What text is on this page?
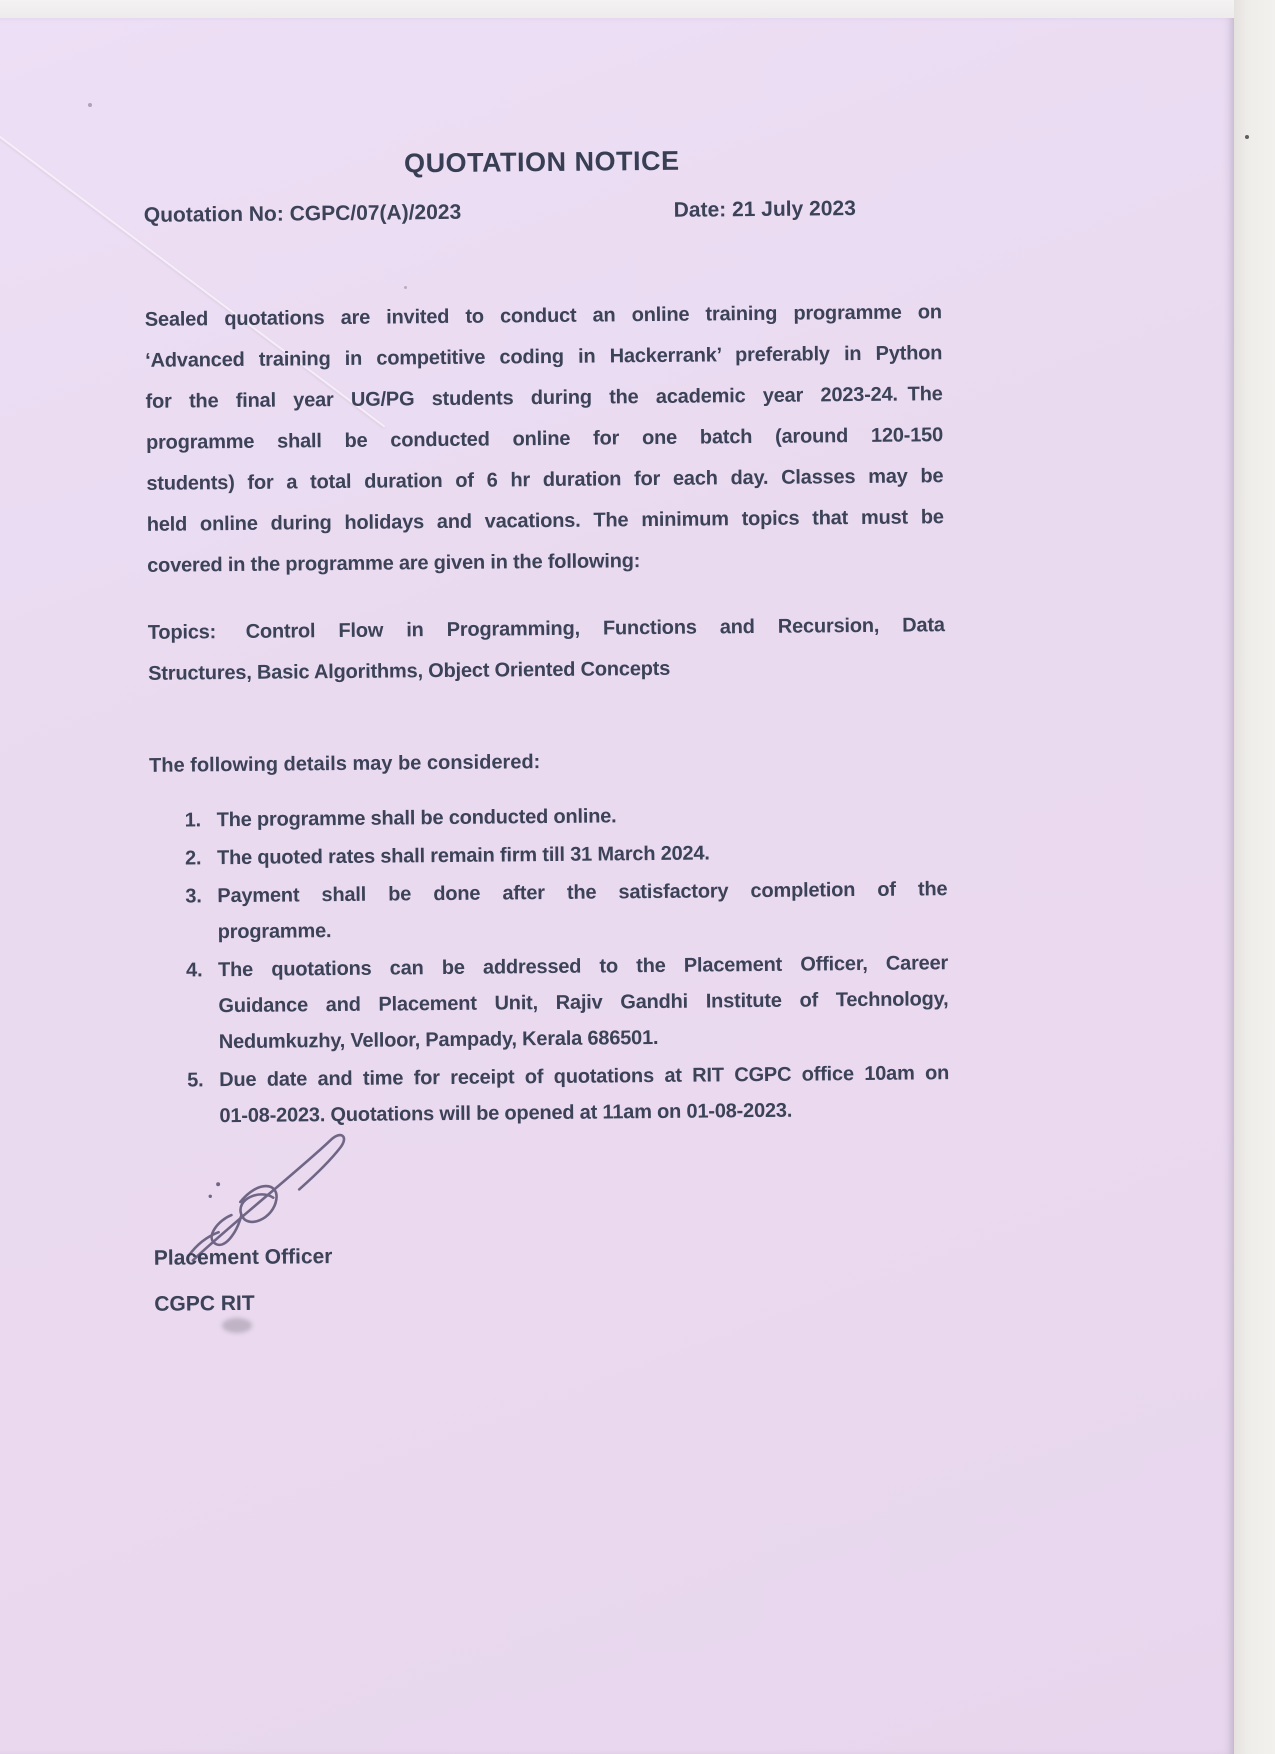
QUOTATION NOTICE
Quotation No: CGPC/07(A)/2023	Date: 21 July 2023
Sealed quotations are invited to conduct an online training programme on
‘Advanced training in competitive coding in Hackerrank’ preferably in Python
for the final year UG/PG students during the academic year 2023-24. The
programme shall be conducted online for one batch (around 120-150
students) for a total duration of 6 hr duration for each day. Classes may be
held online during holidays and vacations. The minimum topics that must be
covered in the programme are given in the following:
Topics:  Control Flow in Programming, Functions and Recursion, Data
Structures, Basic Algorithms, Object Oriented Concepts
The following details may be considered:
1. The programme shall be conducted online.
2. The quoted rates shall remain firm till 31 March 2024.
3. Payment shall be done after the satisfactory completion of the
programme.
4. The quotations can be addressed to the Placement Officer, Career
Guidance and Placement Unit, Rajiv Gandhi Institute of Technology,
Nedumkuzhy, Velloor, Pampady, Kerala 686501.
5. Due date and time for receipt of quotations at RIT CGPC office 10am on
01-08-2023. Quotations will be opened at 11am on 01-08-2023.
Placement Officer
CGPC RIT
